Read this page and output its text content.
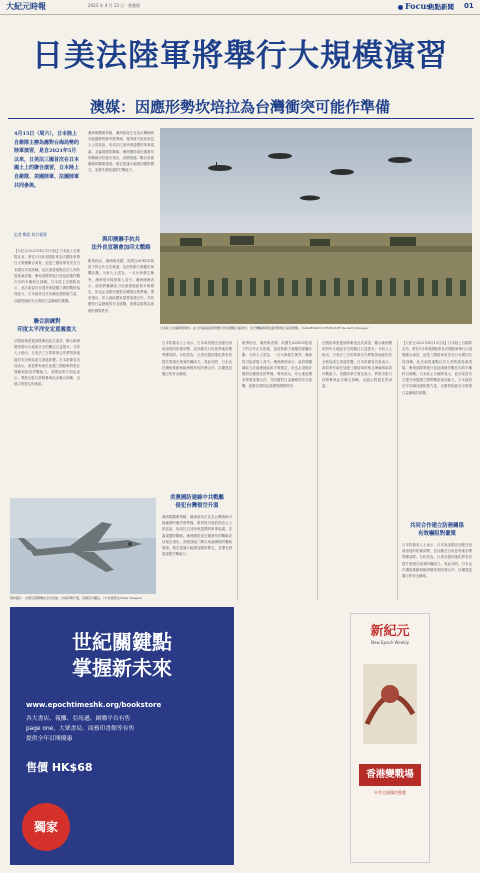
大紀元時報	2023 年 4 月 13 日 · 香港版	Focus
焦點新聞 01
日美法陸軍將舉行大規模演習
澳媒：因應形勢坎培拉為台灣衝突可能作準備
4月15日（周六），日本陸上自衛隊主辦為應對台海局勢的陸軍演習，是自2021年5月以來，日美法三國首次在日本國土上的聯合演習，日本陸上自衛隊、美國陸軍、法國陸軍共同參與。
記者 鄭思 綜合報導
【大紀元2023年4月13日訊】日本陸上自衛隊宣布，將在5月與美國陸軍及法國陸軍舉行大規模聯合演習，這是三國陸軍首次在日本國內共同訓練。此次演習地點位於九州的霧島演習場，參與部隊將進行包括兩棲作戰在內的多種科目訓練。日本陸上自衛隊表示，此次演習旨在提升與盟國之間的戰術協同能力。日本政府近年持續加強防衛力量，以應對地區安全環境日益嚴峻的挑戰。
聯合訓練對
印度太平洋安定意義重大
法國陸軍派遣部隊參加此次演習，顯示歐洲國家對印太地區安全的關注日益提升。分析人士指出，日美法三方的軍事合作將對該地區的安全格局產生深遠影響。日本防衛省官員表示，演習將有助於加強三國陸軍的相互理解和協同作戰能力。美國陸軍方面也表示，將派出駐日部隊參與此次聯合訓練，以展示對盟友的承諾。
澳洲媒體報導稱，澳洲政府正在為台灣海峽可能爆發的衝突做準備。報導援引政府消息人士的話說，坎培拉已加快與盟國的軍事協調，並審視國防戰略。澳洲國防部近期發布的戰略評估報告指出，該國面臨二戰以來最嚴峻的戰略環境。報告建議大幅增加國防開支，並優先發展遠程打擊能力。
與印澳聯手抗共
法外長宣稱會加印太戰略
報導指出，澳洲與美國、英國在AUKUS框架下的合作正在推進，包括核動力潛艦的採購計劃。分析人士認為，一旦台海發生衝突，澳洲很可能被捲入其中。澳洲總理表示，政府將繼續致力於維護地區和平與穩定，但也必須做好應對各種情況的準備。專家指出，印太地區國家需要加強合作，共同應對日益嚴峻的安全挑戰，維護以規則為基礎的國際秩序。
日本陸上自衛隊照資料。在九州霧島演習場舉行的多國聯合演習中，直升機編隊與地面部隊進行協同訓練。（AGGIESSON CHOW/AFP via Getty Images）
日本防衛省人士表示，日本與美國正加強在西南諸島的防衛部署，並計劃在石垣島等地部署導彈部隊。分析認為，日美同盟的強化將有效提升對潛在威脅的嚇阻力。與此同時，日本也在積極推動與歐洲國家的防務合作，以構建更廣泛的安全網絡。
美澳國防連線中共戰艦
侵犯台灣領空升溫
澳洲媒體報導稱，澳洲政府正在為台灣海峽可能爆發的衝突做準備。報導援引政府消息人士的話說，坎培拉已加快與盟國的軍事協調，並審視國防戰略。澳洲國防部近期發布的戰略評估報告指出，該國面臨二戰以來最嚴峻的戰略環境。報告建議大幅增加國防開支，並優先發展遠程打擊能力。
報導指出，澳洲與美國、英國在AUKUS框架下的合作正在推進，包括核動力潛艦的採購計劃。分析人士認為，一旦台海發生衝突，澳洲很可能被捲入其中。澳洲總理表示，政府將繼續致力於維護地區和平與穩定，但也必須做好應對各種情況的準備。專家指出，印太地區國家需要加強合作，共同應對日益嚴峻的安全挑戰，維護以規則為基礎的國際秩序。
法國陸軍派遣部隊參加此次演習，顯示歐洲國家對印太地區安全的關注日益提升。分析人士指出，日美法三方的軍事合作將對該地區的安全格局產生深遠影響。日本防衛省官員表示，演習將有助於加強三國陸軍的相互理解和協同作戰能力。美國陸軍方面也表示，將派出駐日部隊參與此次聯合訓練，以展示對盟友的承諾。
【大紀元2023年4月13日訊】日本陸上自衛隊宣布，將在5月與美國陸軍及法國陸軍舉行大規模聯合演習，這是三國陸軍首次在日本國內共同訓練。此次演習地點位於九州的霧島演習場，參與部隊將進行包括兩棲作戰在內的多種科目訓練。日本陸上自衛隊表示，此次演習旨在提升與盟國之間的戰術協同能力。日本政府近年持續加強防衛力量，以應對地區安全環境日益嚴峻的挑戰。
共同合作建立防務關係
有效嚇阻對臺策
日本防衛省人士表示，日本與美國正加強在西南諸島的防衛部署，並計劃在石垣島等地部署導彈部隊。分析認為，日美同盟的強化將有效提升對潛在威脅的嚇阻力。與此同時，日本也在積極推動與歐洲國家的防務合作，以構建更廣泛的安全網絡。
資料圖片：台灣空軍戰機在空中巡航。台海局勢升溫，各國密切關注。（中央通訊社/Getty Images）
世紀關鍵點
掌握新未來
www.epochtimeshk.org/bookstore
各大書店、報攤、亞馬遜、網購平台有售
page one、大眾書局、商務印書館等有售
提供全年訂閱優惠
售價 HK$68
獨家
新紀元
New Epoch Weekly
香港變戰場
中共全面操控香港
